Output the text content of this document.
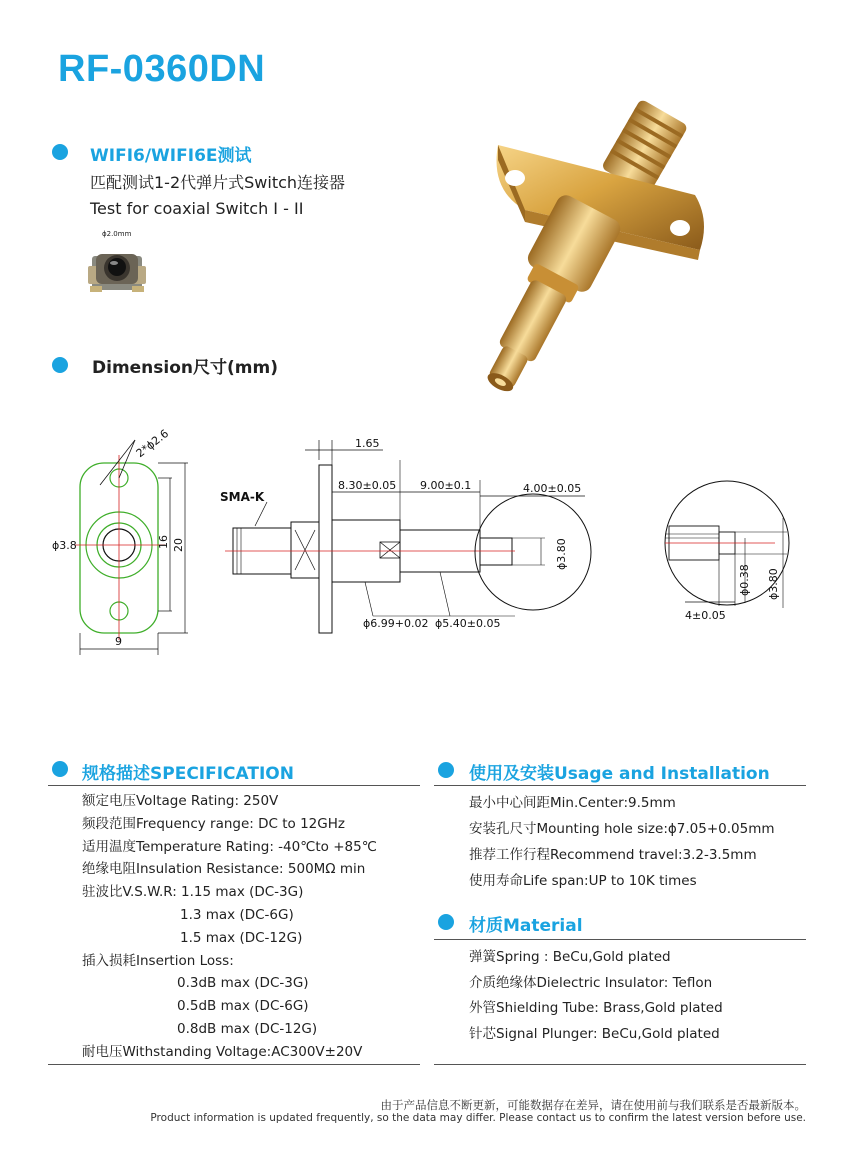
RF-0360DN
WIFI6/WIFI6E测试
匹配测试1-2代弹片式Switch连接器
Test for coaxial Switch Ⅰ - II
ϕ2.0mm
Dimension尺寸(mm)
2*ϕ2.6
16 20
ϕ3.8
9
1.65
SMA-K
8.30±0.05 9.00±0.1	4.00±0.05
ϕ3.80
ϕ6.99+0.02 ϕ5.40±0.05
ϕ0.38 ϕ3.80
4±0.05
规格描述SPECIFICATION
额定电压Voltage Rating: 250V
频段范围Frequency range: DC to 12GHz
适用温度Temperature Rating: -40℃to +85℃
绝缘电阻Insulation Resistance: 500MΩ min
驻波比V.S.W.R: 1.15 max (DC-3G)
1.3 max (DC-6G)
1.5 max (DC-12G)
插入损耗Insertion Loss:
0.3dB max (DC-3G)
0.5dB max (DC-6G)
0.8dB max (DC-12G)
耐电压Withstanding Voltage:AC300V±20V
使用及安装Usage and Installation
最小中心间距Min.Center:9.5mm
安装孔尺寸Mounting hole size:ϕ7.05+0.05mm
推荐工作行程Recommend travel:3.2-3.5mm
使用寿命Life span:UP to 10K times
材质Material
弹簧Spring : BeCu,Gold plated
介质绝缘体Dielectric Insulator: Teflon
外管Shielding Tube: Brass,Gold plated
针芯Signal Plunger: BeCu,Gold plated
由于产品信息不断更新，可能数据存在差异，请在使用前与我们联系是否最新版本。
Product information is updated frequently, so the data may differ. Please contact us to confirm the latest version before use.
